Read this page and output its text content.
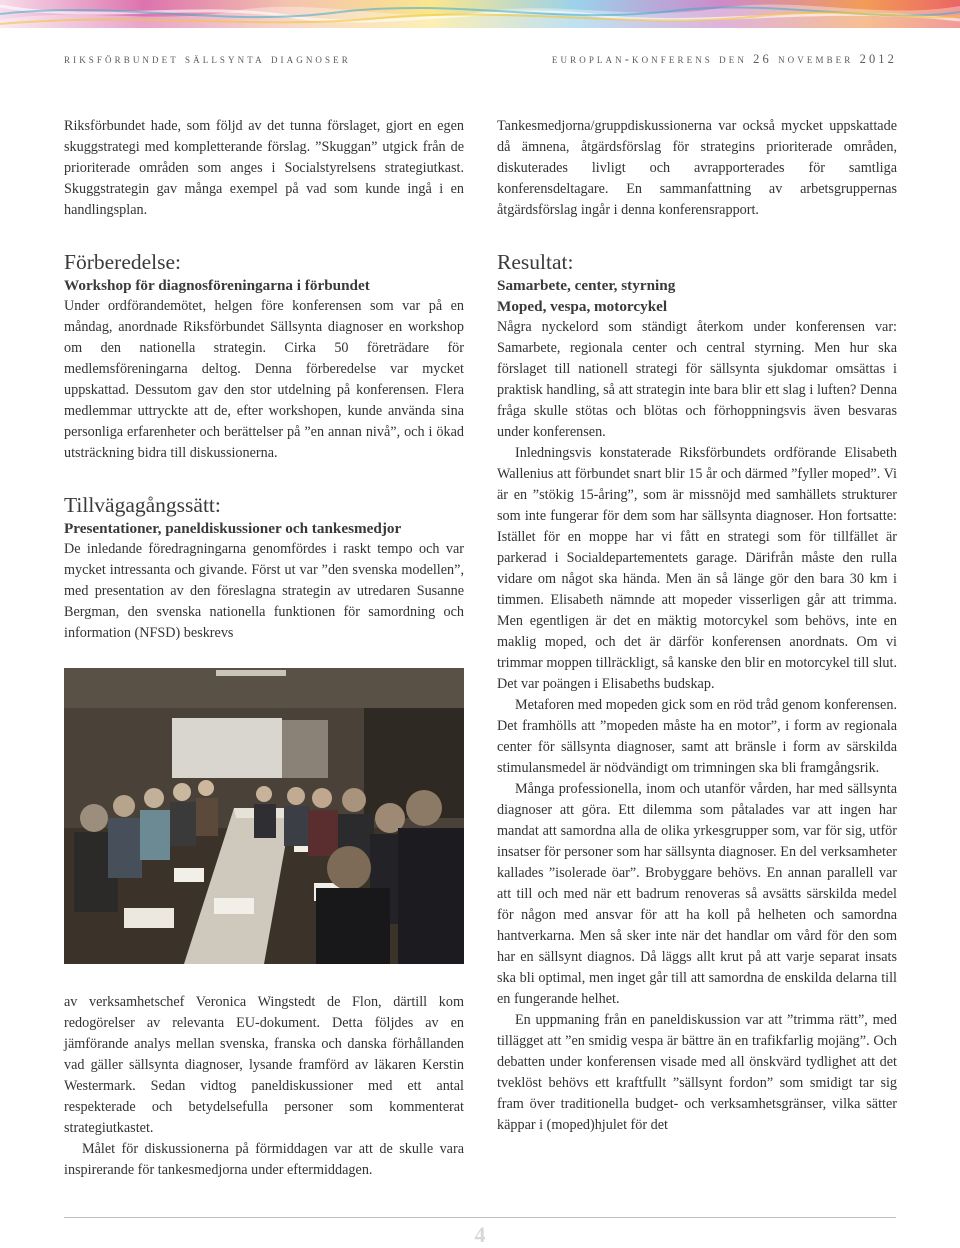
riksförbundet sällsynta diagnoser	europlan-konferens den 26 november 2012

Riksförbundet hade, som följd av det tunna förslaget, gjort en egen skuggstrategi med kompletterande förslag. ”Skuggan” utgick från de prioriterade områden som anges i Socialstyrelsens strategiutkast. Skuggstrategin gav många exempel på vad som kunde ingå i en handlingsplan.

Förberedelse:
Workshop för diagnosföreningarna i förbundet

Under ordförandemötet, helgen före konferensen som var på en måndag, anordnade Riksförbundet Sällsynta diagnoser en workshop om den nationella strategin. Cirka 50 företrädare för medlemsföreningarna deltog. Denna förberedelse var mycket uppskattad. Dessutom gav den stor utdelning på konferensen. Flera medlemmar uttryckte att de, efter workshopen, kunde använda sina personliga erfarenheter och berättelser på ”en annan nivå”, och i ökad utsträckning bidra till diskussionerna.

Tillvägagångssätt:
Presentationer, paneldiskussioner och tankesmedjor

De inledande föredragningarna genomfördes i raskt tempo och var mycket intressanta och givande. Först ut var ”den svenska modellen”, med presentation av den föreslagna strategin av utredaren Susanne Bergman, den svenska nationella funktionen för samordning och information (NFSD) beskrevs

av verksamhetschef Veronica Wingstedt de Flon, därtill kom redogörelser av relevanta EU-dokument. Detta följdes av en jämförande analys mellan svenska, franska och danska förhållanden vad gäller sällsynta diagnoser, lysande framförd av läkaren Kerstin Westermark. Sedan vidtog paneldiskussioner med ett antal respekterade och betydelsefulla personer som kommenterat strategiutkastet.

Målet för diskussionerna på förmiddagen var att de skulle vara inspirerande för tankesmedjorna under eftermiddagen.

Tankesmedjorna/gruppdiskussionerna var också mycket uppskattade då ämnena, åtgärdsförslag för strategins prioriterade områden, diskuterades livligt och avrapporterades för samtliga konferensdeltagare. En sammanfattning av arbetsgruppernas åtgärdsförslag ingår i denna konferensrapport.

Resultat:
Samarbete, center, styrning
Moped, vespa, motorcykel

Några nyckelord som ständigt återkom under konferensen var: Samarbete, regionala center och central styrning. Men hur ska förslaget till nationell strategi för sällsynta sjukdomar omsättas i praktisk handling, så att strategin inte bara blir ett slag i luften? Denna fråga skulle stötas och blötas och förhoppningsvis även besvaras under konferensen.

Inledningsvis konstaterade Riksförbundets ordförande Elisabeth Wallenius att förbundet snart blir 15 år och därmed ”fyller moped”. Vi är en ”stökig 15-åring”, som är missnöjd med samhällets strukturer som inte fungerar för dem som har sällsynta diagnoser. Hon fortsatte: Istället för en moppe har vi fått en strategi som för tillfället är parkerad i Socialdepartementets garage. Därifrån måste den rulla vidare om något ska hända. Men än så länge gör den bara 30 km i timmen. Elisabeth nämnde att mopeder visserligen går att trimma. Men egentligen är det en mäktig motorcykel som behövs, inte en maklig moped, och det är därför konferensen anordnats. Om vi trimmar moppen tillräckligt, så kanske den blir en motorcykel till slut. Det var poängen i Elisabeths budskap.

Metaforen med mopeden gick som en röd tråd genom konferensen. Det framhölls att ”mopeden måste ha en motor”, i form av regionala center för sällsynta diagnoser, samt att bränsle i form av särskilda stimulansmedel är nödvändigt om trimningen ska bli framgångsrik.

Många professionella, inom och utanför vården, har med sällsynta diagnoser att göra. Ett dilemma som påtalades var att ingen har mandat att samordna alla de olika yrkesgrupper som, var för sig, utför insatser för personer som har sällsynta diagnoser. En del verksamheter kallades ”isolerade öar”. Brobyggare behövs. En annan parallell var att till och med när ett badrum renoveras så avsätts särskilda medel för någon med ansvar för att ha koll på helheten och samordna hantverkarna. Men så sker inte när det handlar om vård för den som har en sällsynt diagnos. Då läggs allt krut på att varje separat insats ska bli optimal, men inget går till att samordna de enskilda delarna till en fungerande helhet.

En uppmaning från en paneldiskussion var att ”trimma rätt”, med tillägget att ”en smidig vespa är bättre än en trafikfarlig mojäng”. Och debatten under konferensen visade med all önskvärd tydlighet att det tveklöst behövs ett kraftfullt ”sällsynt fordon” som smidigt tar sig fram över traditionella budget- och verksamhetsgränser, vilka sätter käppar i (moped)hjulet för det

4
